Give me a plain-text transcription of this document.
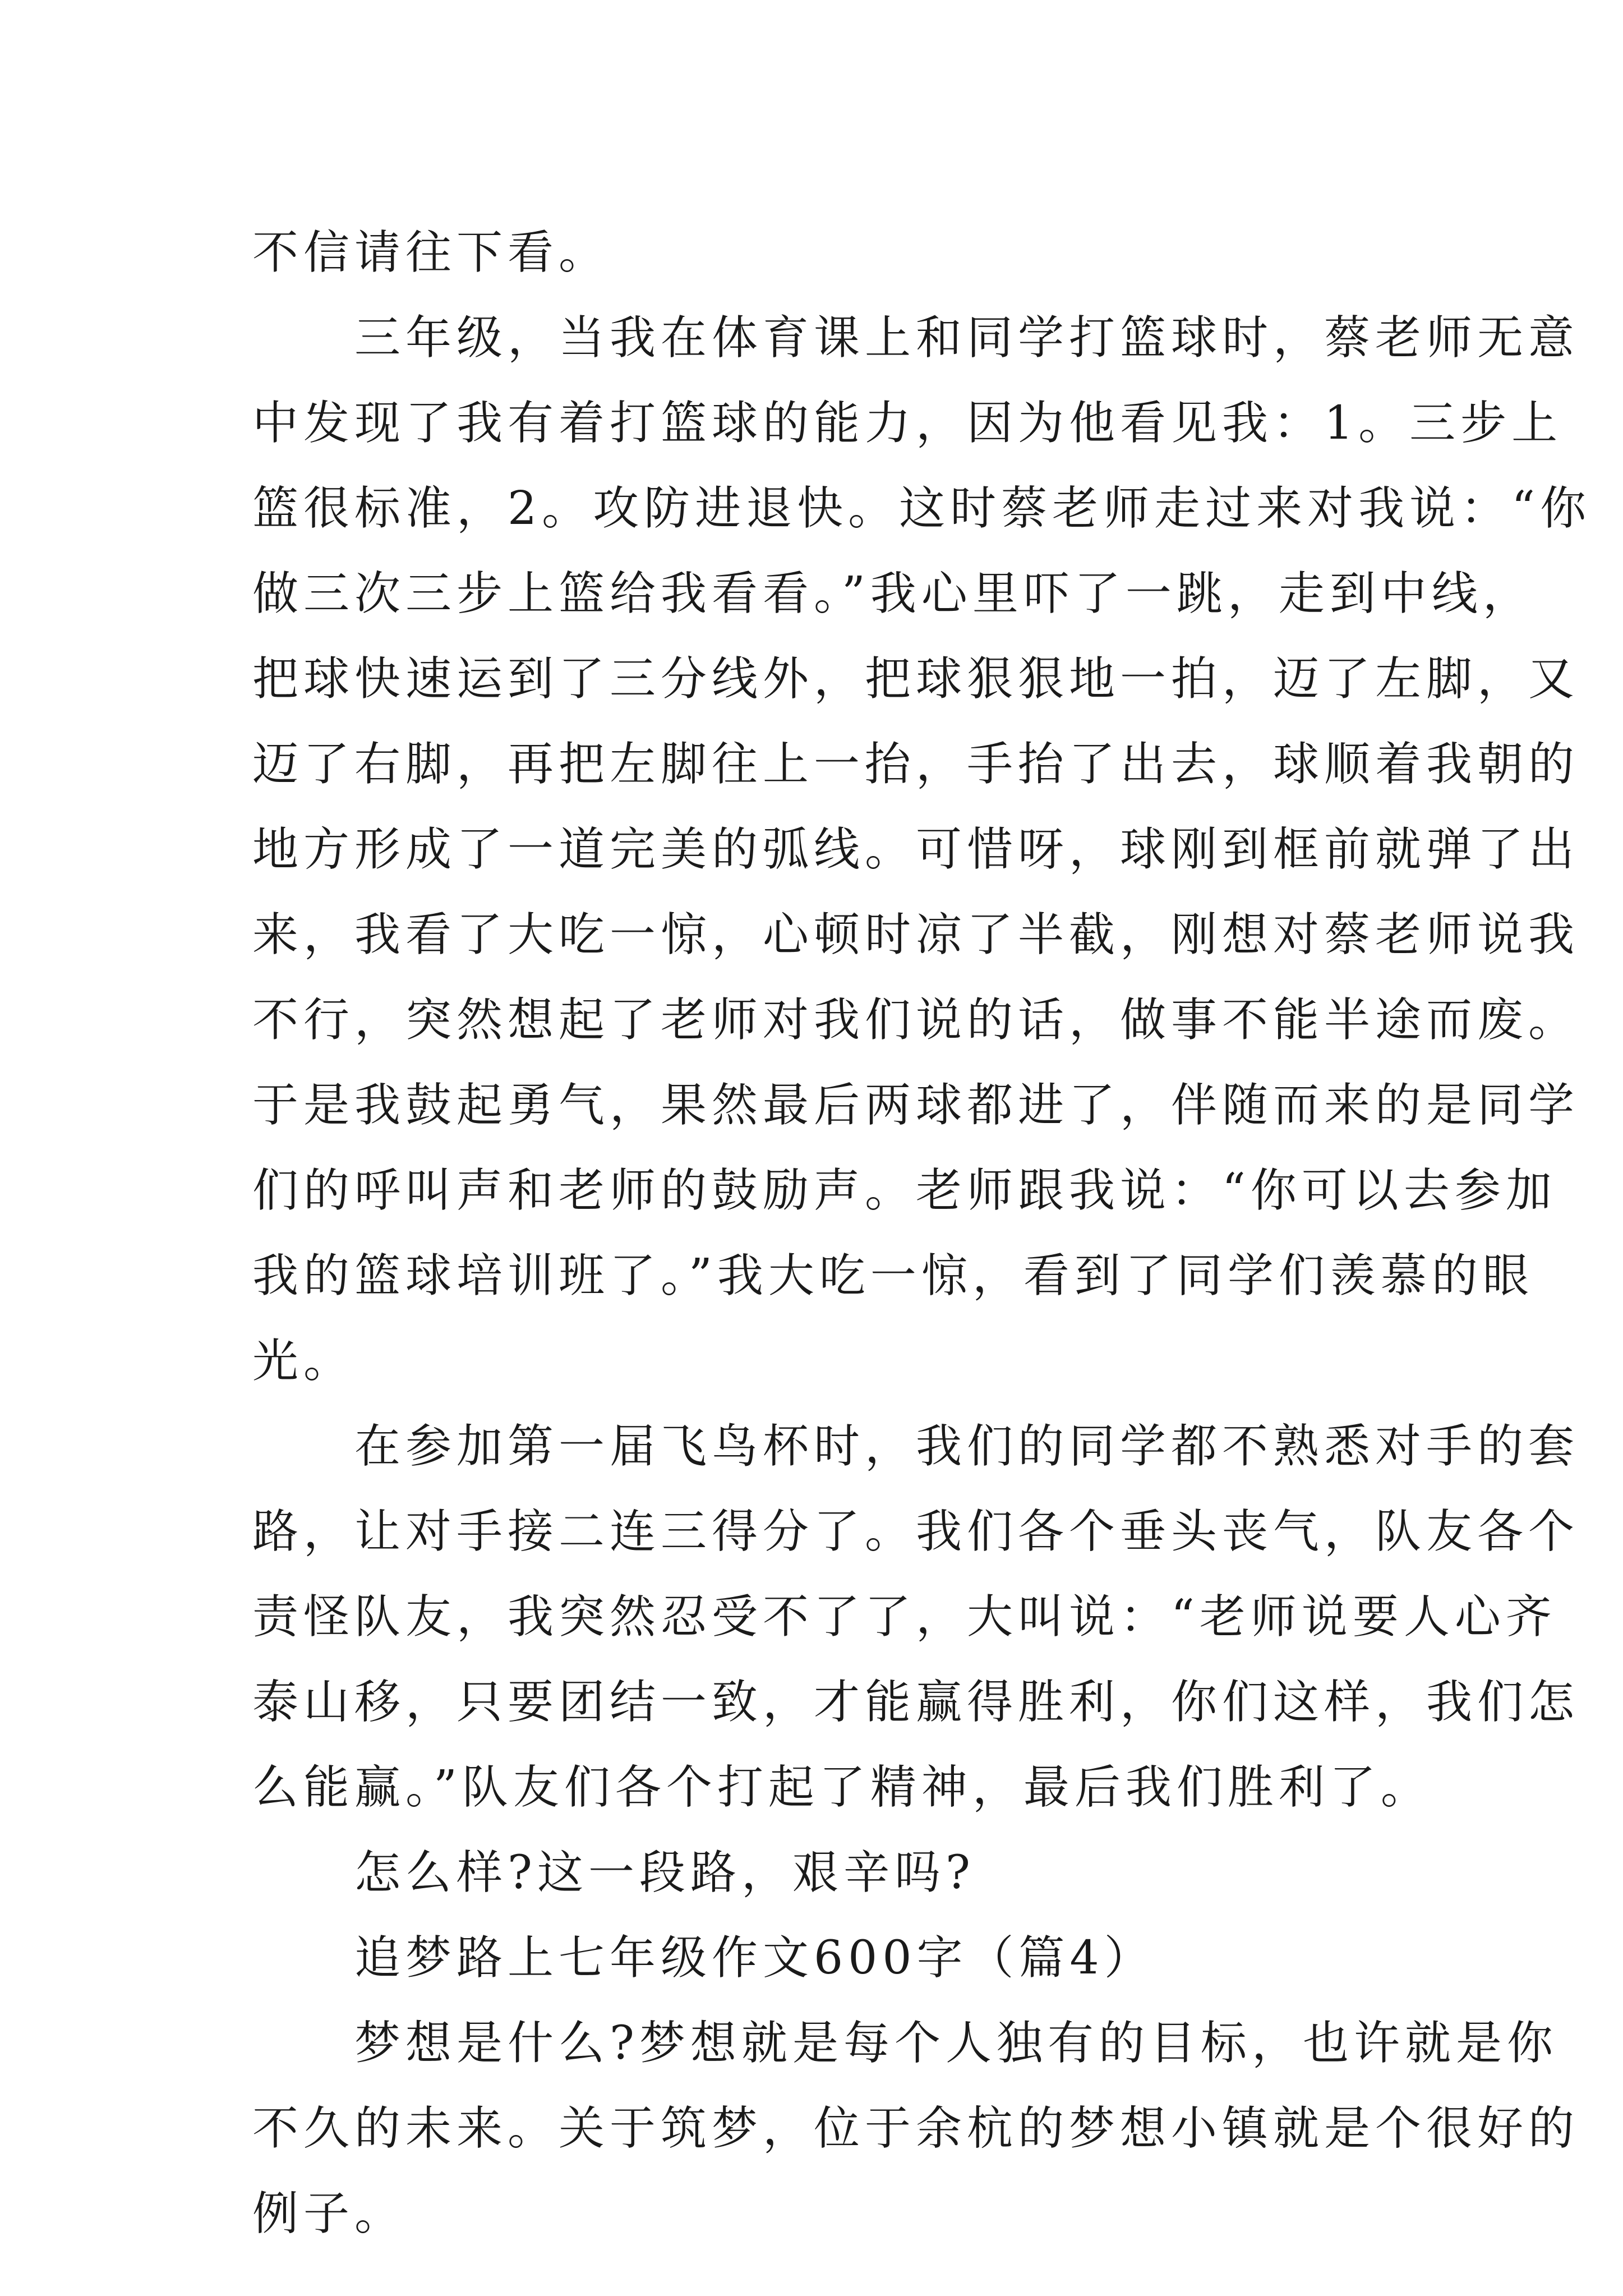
不信请往下看。
　　三年级，当我在体育课上和同学打篮球时，蔡老师无意
中发现了我有着打篮球的能力，因为他看见我：1。三步上
篮很标准，2。攻防进退快。这时蔡老师走过来对我说：“你
做三次三步上篮给我看看。”我心里吓了一跳，走到中线，
把球快速运到了三分线外，把球狠狠地一拍，迈了左脚，又
迈了右脚，再把左脚往上一抬，手抬了出去，球顺着我朝的
地方形成了一道完美的弧线。可惜呀，球刚到框前就弹了出
来，我看了大吃一惊，心顿时凉了半截，刚想对蔡老师说我
不行，突然想起了老师对我们说的话，做事不能半途而废。
于是我鼓起勇气，果然最后两球都进了，伴随而来的是同学
们的呼叫声和老师的鼓励声。老师跟我说：“你可以去参加
我的篮球培训班了。”我大吃一惊，看到了同学们羡慕的眼
光。
　　在参加第一届飞鸟杯时，我们的同学都不熟悉对手的套
路，让对手接二连三得分了。我们各个垂头丧气，队友各个
责怪队友，我突然忍受不了了，大叫说：“老师说要人心齐
泰山移，只要团结一致，才能赢得胜利，你们这样，我们怎
么能赢。”队友们各个打起了精神，最后我们胜利了。
　　怎么样?这一段路，艰辛吗?
　　追梦路上七年级作文600字（篇4）
　　梦想是什么?梦想就是每个人独有的目标，也许就是你
不久的未来。关于筑梦，位于余杭的梦想小镇就是个很好的
例子。
